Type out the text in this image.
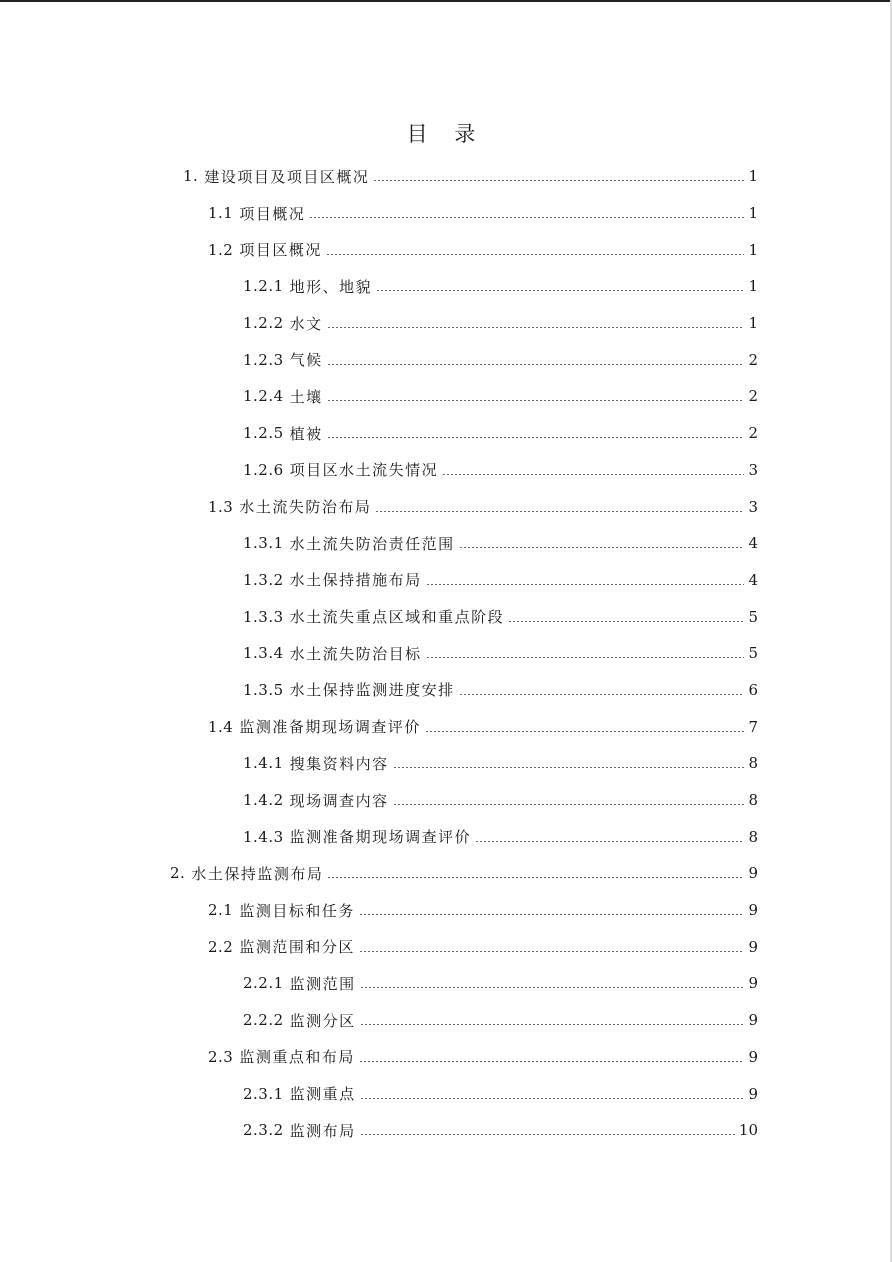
目 录
1. 建设项目及项目区概况	1
1.1 项目概况	1
1.2 项目区概况	1
1.2.1 地形、地貌	1
1.2.2 水文	1
1.2.3 气候	2
1.2.4 土壤	2
1.2.5 植被	2
1.2.6 项目区水土流失情况	3
1.3 水土流失防治布局	3
1.3.1 水土流失防治责任范围	4
1.3.2 水土保持措施布局	4
1.3.3 水土流失重点区域和重点阶段	5
1.3.4 水土流失防治目标	5
1.3.5 水土保持监测进度安排	6
1.4 监测准备期现场调查评价	7
1.4.1 搜集资料内容	8
1.4.2 现场调查内容	8
1.4.3 监测准备期现场调查评价	8
2. 水土保持监测布局	9
2.1 监测目标和任务	9
2.2 监测范围和分区	9
2.2.1 监测范围	9
2.2.2 监测分区	9
2.3 监测重点和布局	9
2.3.1 监测重点	9
2.3.2 监测布局	10
